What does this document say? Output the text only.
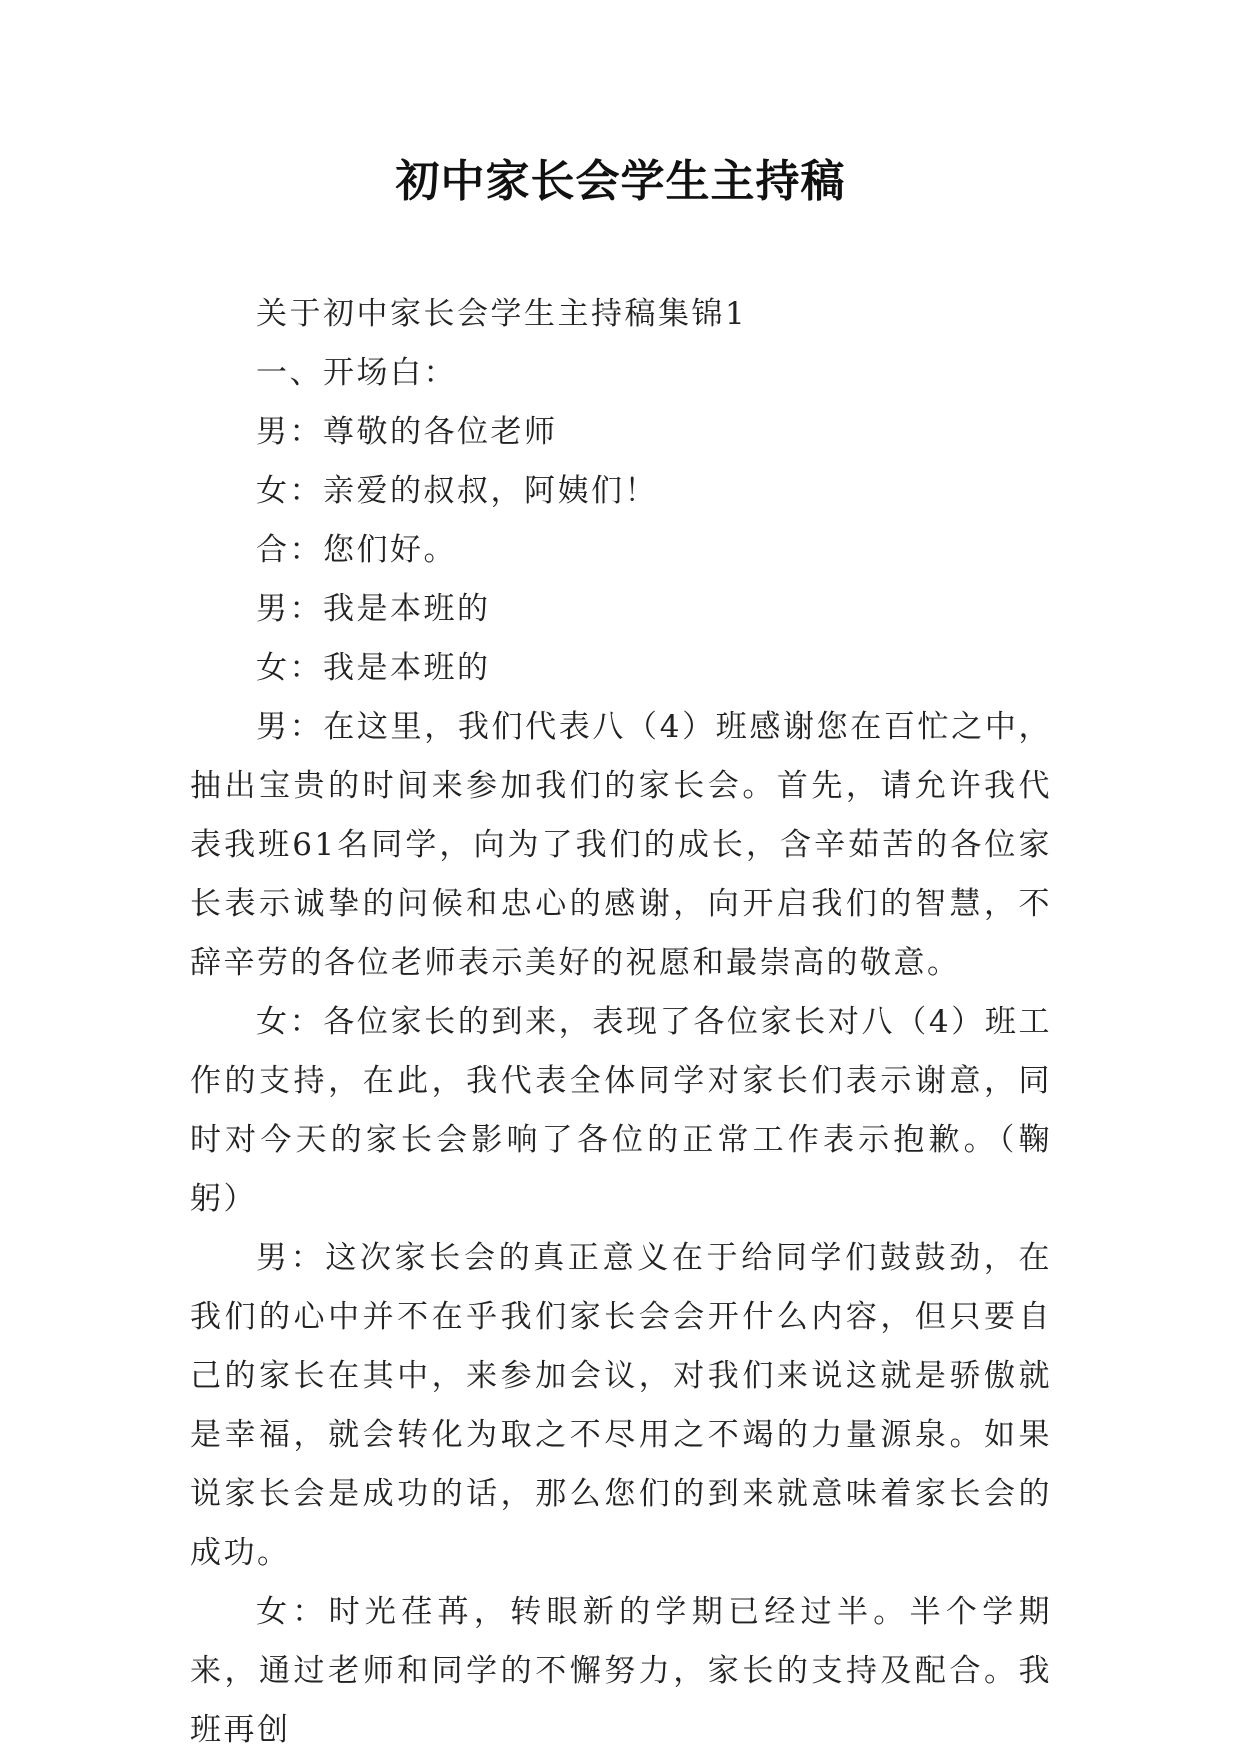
初中家长会学生主持稿

关于初中家长会学生主持稿集锦1

一、开场白：

男：尊敬的各位老师

女：亲爱的叔叔，阿姨们！

合：您们好。

男：我是本班的

女：我是本班的

男：在这里，我们代表八（4）班感谢您在百忙之中，抽出宝贵的时间来参加我们的家长会。首先，请允许我代表我班61名同学，向为了我们的成长，含辛茹苦的各位家长表示诚挚的问候和忠心的感谢，向开启我们的智慧，不辞辛劳的各位老师表示美好的祝愿和最崇高的敬意。

女：各位家长的到来，表现了各位家长对八（4）班工作的支持，在此，我代表全体同学对家长们表示谢意，同时对今天的家长会影响了各位的正常工作表示抱歉。（鞠躬）

男：这次家长会的真正意义在于给同学们鼓鼓劲，在我们的心中并不在乎我们家长会会开什么内容，但只要自己的家长在其中，来参加会议，对我们来说这就是骄傲就是幸福，就会转化为取之不尽用之不竭的力量源泉。如果说家长会是成功的话，那么您们的到来就意味着家长会的成功。

女：时光荏苒，转眼新的学期已经过半。半个学期来，通过老师和同学的不懈努力，家长的支持及配合。我班再创
